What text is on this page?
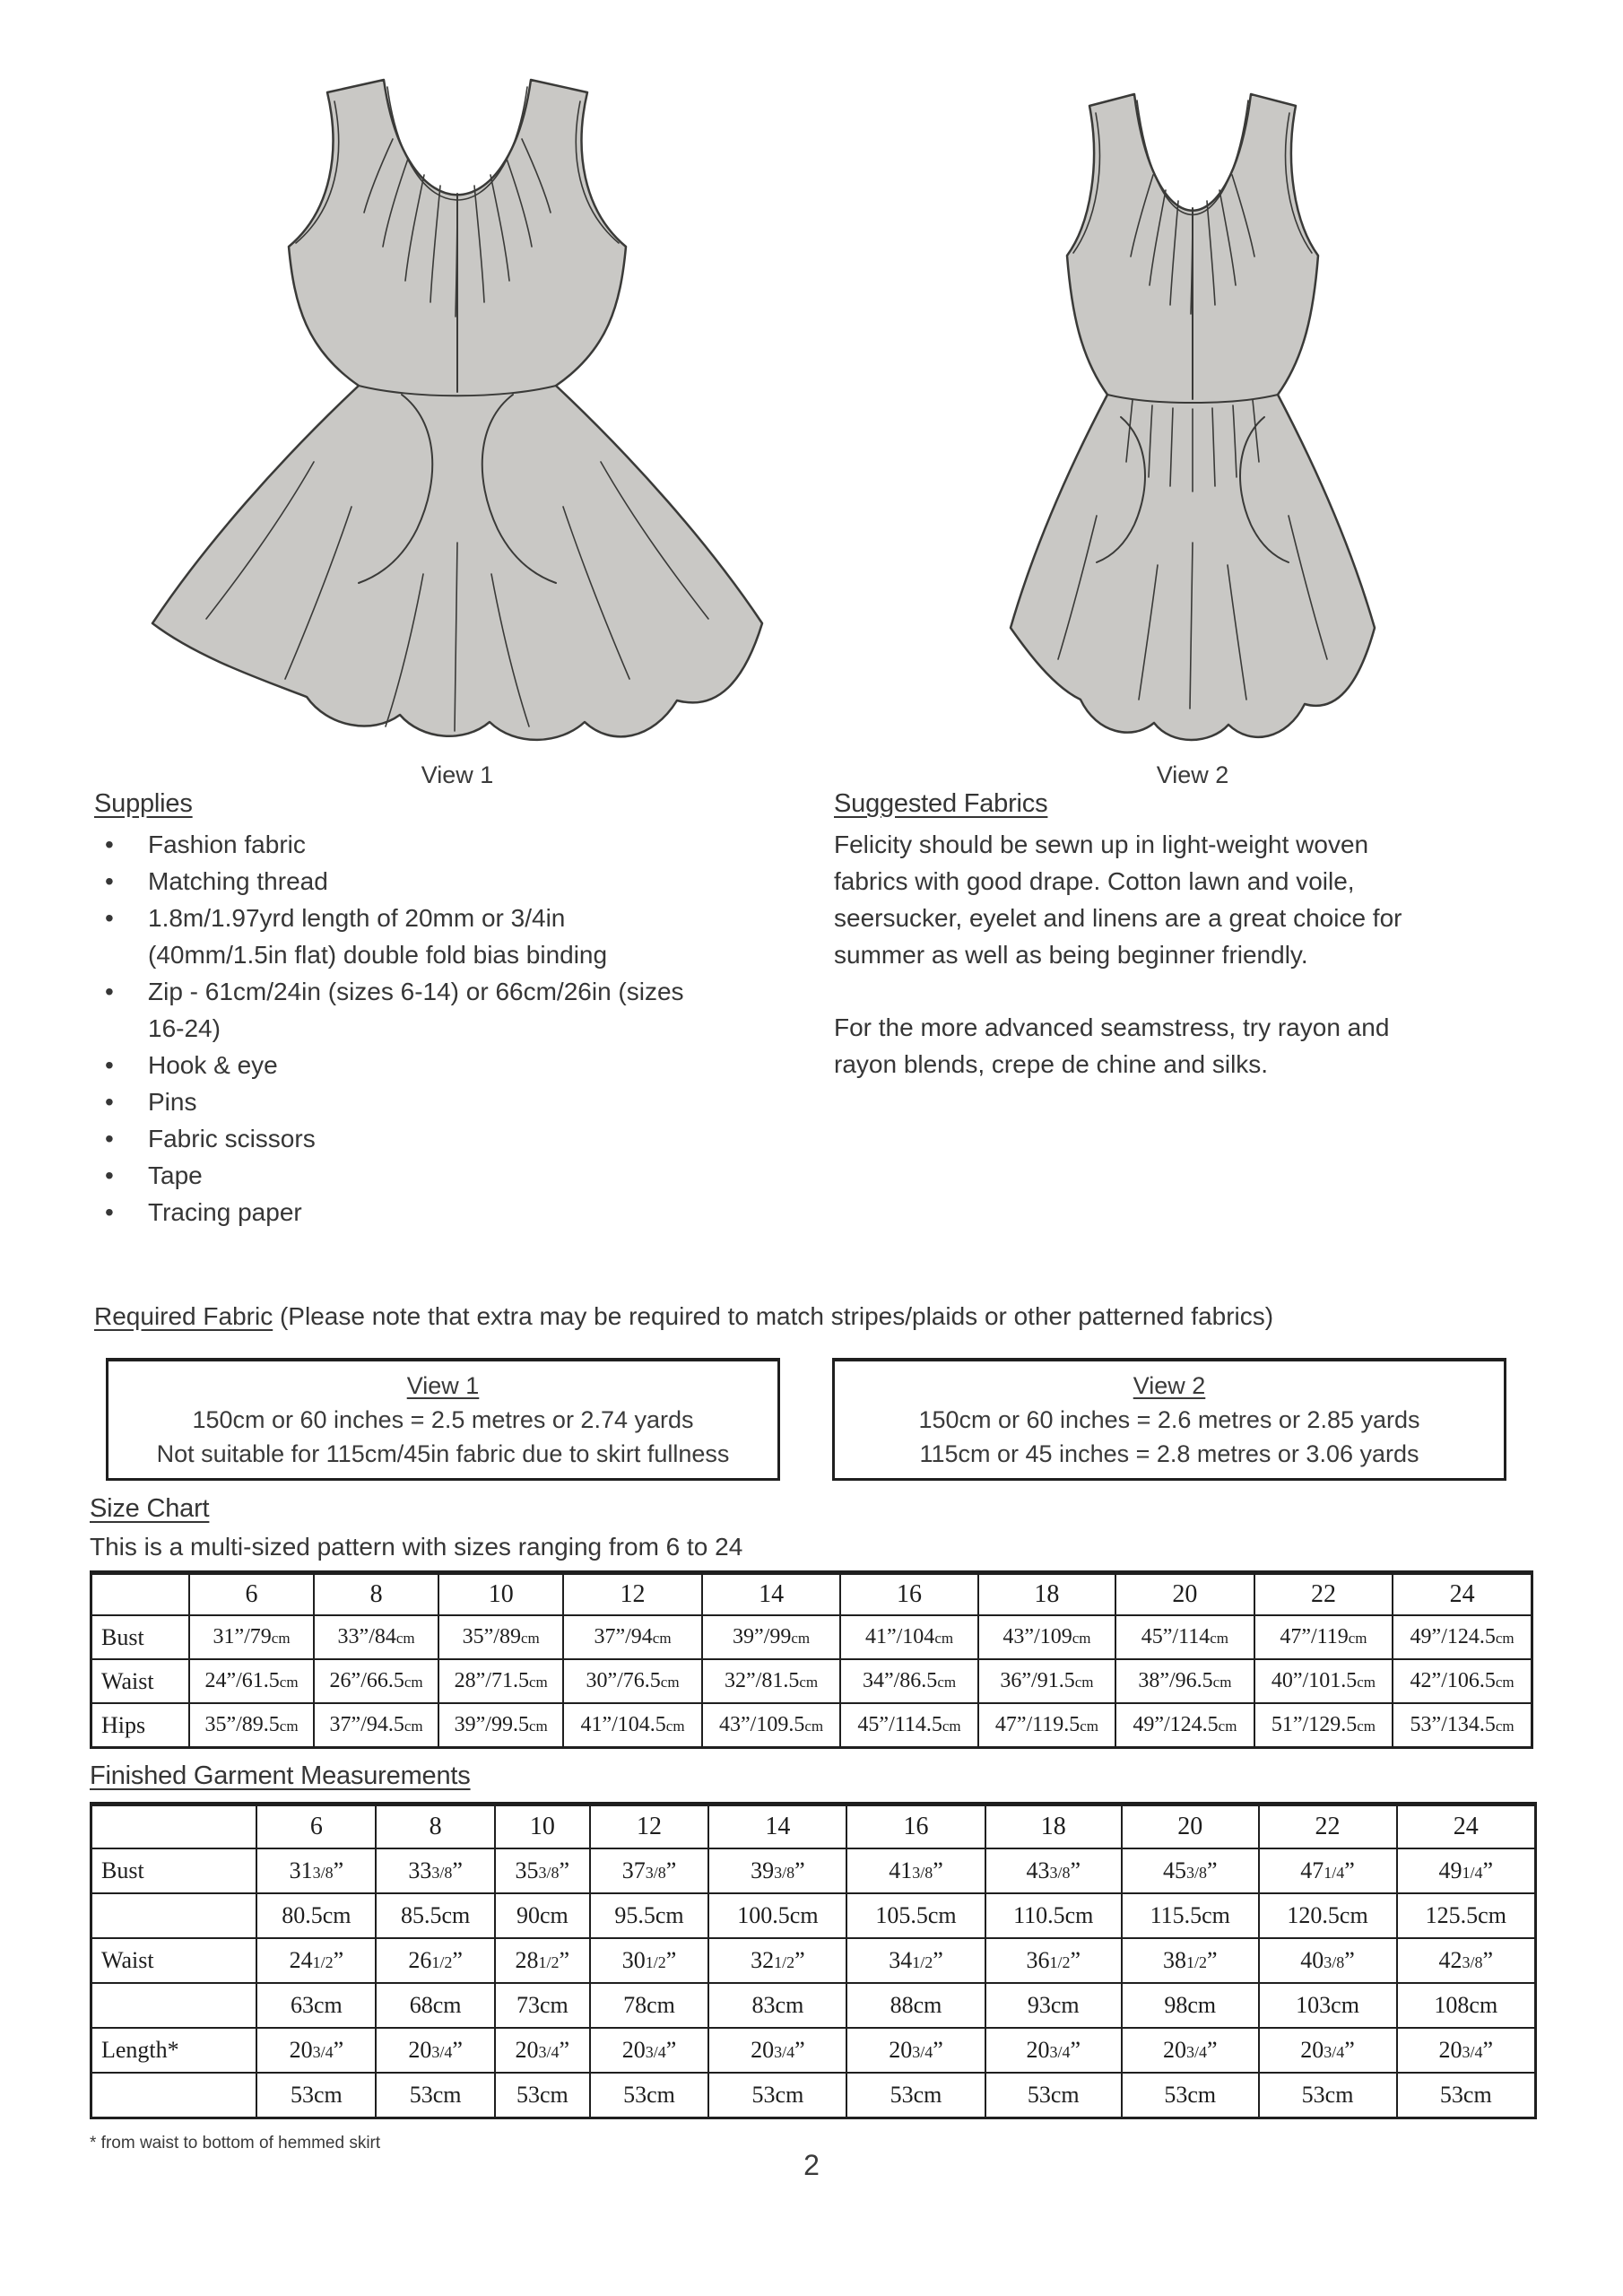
View 1	View 2
Supplies
• Fashion fabric
• Matching thread
• 1.8m/1.97yrd length of 20mm or 3/4in
(40mm/1.5in flat) double fold bias binding
• Zip - 61cm/24in (sizes 6-14) or 66cm/26in (sizes
16-24)
• Hook & eye
• Pins
• Fabric scissors
• Tape
• Tracing paper
Suggested Fabrics

Felicity should be sewn up in light-weight woven
fabrics with good drape. Cotton lawn and voile,
seersucker, eyelet and linens are a great choice for
summer as well as being beginner friendly.

For the more advanced seamstress, try rayon and
rayon blends, crepe de chine and silks.

Required Fabric (Please note that extra may be required to match stripes/plaids or other patterned fabrics)
View 1
150cm or 60 inches = 2.5 metres or 2.74 yards
Not suitable for 115cm/45in fabric due to skirt fullness
View 2
150cm or 60 inches = 2.6 metres or 2.85 yards
115cm or 45 inches = 2.8 metres or 3.06 yards
Size Chart

This is a multi-sized pattern with sizes ranging from 6 to 24

	6	8	10	12	14	16	18	20	22	24
Bust	31”/79cm	33”/84cm	35”/89cm	37”/94cm	39”/99cm	41”/104cm	43”/109cm	45”/114cm	47”/119cm	49”/124.5cm
Waist	24”/61.5cm	26”/66.5cm	28”/71.5cm	30”/76.5cm	32”/81.5cm	34”/86.5cm	36”/91.5cm	38”/96.5cm	40”/101.5cm	42”/106.5cm
Hips	35”/89.5cm	37”/94.5cm	39”/99.5cm	41”/104.5cm	43”/109.5cm	45”/114.5cm	47”/119.5cm	49”/124.5cm	51”/129.5cm	53”/134.5cm
Finished Garment Measurements
	6	8	10	12	14	16	18	20	22	24
Bust	313/8”	333/8”	353/8”	373/8”	393/8”	413/8”	433/8”	453/8”	471/4”	491/4”
	80.5cm	85.5cm	90cm	95.5cm	100.5cm	105.5cm	110.5cm	115.5cm	120.5cm	125.5cm
Waist	241/2”	261/2”	281/2”	301/2”	321/2”	341/2”	361/2”	381/2”	403/8”	423/8”
	63cm	68cm	73cm	78cm	83cm	88cm	93cm	98cm	103cm	108cm
Length*	203/4”	203/4”	203/4”	203/4”	203/4”	203/4”	203/4”	203/4”	203/4”	203/4”
	53cm	53cm	53cm	53cm	53cm	53cm	53cm	53cm	53cm	53cm

* from waist to bottom of hemmed skirt

2
